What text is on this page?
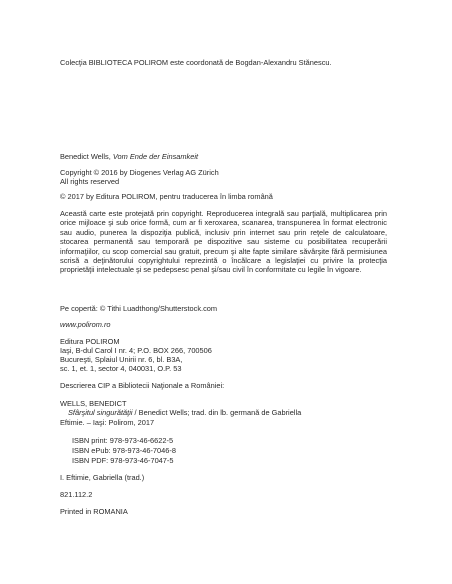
Colecţia BIBLIOTECA POLIROM este coordonată de Bogdan-Alexandru Stănescu.

Benedict Wells, Vom Ende der Einsamkeit

Copyright © 2016 by Diogenes Verlag AG Zürich

All rights reserved

© 2017 by Editura POLIROM, pentru traducerea în limba română

Această carte este protejată prin copyright. Reproducerea integrală sau parţială, multiplicarea prin orice mijloace şi sub orice formă, cum ar fi xeroxarea, scanarea, transpunerea în format electronic sau audio, punerea la dispoziţia publică, inclusiv prin internet sau prin reţele de calculatoare, stocarea permanentă sau temporară pe dispozitive sau sisteme cu posibilitatea recuperării informaţiilor, cu scop comercial sau gratuit, precum şi alte fapte similare săvârşite fără permisiunea scrisă a deţinătorului copyrightului reprezintă o încălcare a legislaţiei cu privire la protecţia proprietăţii intelectuale şi se pedepsesc penal şi/sau civil în conformitate cu legile în vigoare.

Pe copertă: © Tithi Luadthong/Shutterstock.com

www.polirom.ro

Editura POLIROM

Iaşi, B-dul Carol I nr. 4; P.O. BOX 266, 700506

Bucureşti, Splaiul Unirii nr. 6, bl. B3A,

sc. 1, et. 1, sector 4, 040031, O.P. 53

Descrierea CIP a Bibliotecii Naţionale a României:

WELLS, BENEDICT

Sfârşitul singurătăţii / Benedict Wells; trad. din lb. germană de Gabriella

Eftimie. – Iaşi: Polirom, 2017

ISBN print: 978-973-46-6622-5

ISBN ePub: 978-973-46-7046-8

ISBN PDF: 978-973-46-7047-5

I. Eftimie, Gabriella (trad.)

821.112.2

Printed in ROMANIA
